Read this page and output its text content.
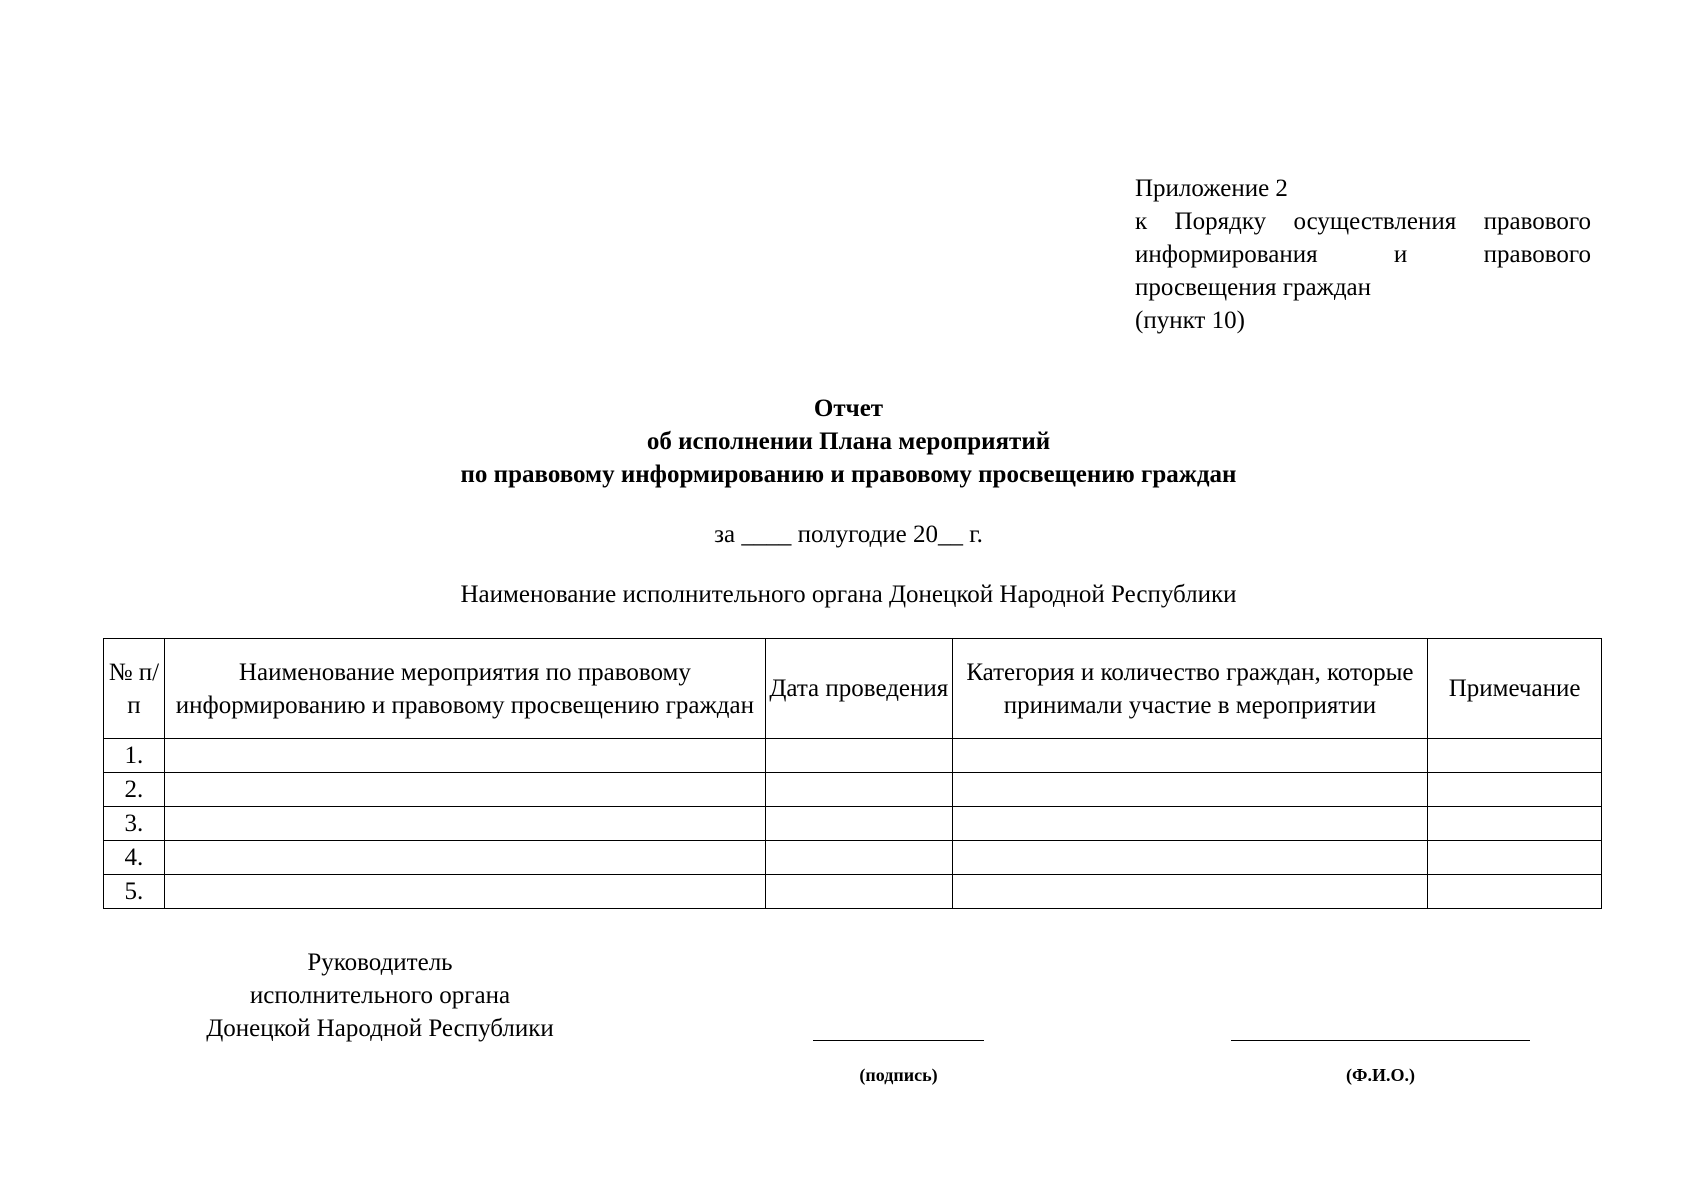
Приложение 2
к Порядку осуществления правового
информирования и правового
просвещения граждан
(пункт 10)
Отчет
об исполнении Плана мероприятий
по правовому информированию и правовому просвещению граждан
за ____ полугодие 20__ г.
Наименование исполнительного органа Донецкой Народной Республики
№ п/п	Наименование мероприятия по правовому информированию и правовому просвещению граждан	Дата проведения	Категория и количество граждан, которые принимали участие в мероприятии	Примечание
1.				
2.				
3.				
4.				
5.				
Руководитель
исполнительного органа
Донецкой Народной Республики
(подпись)	(Ф.И.О.)
